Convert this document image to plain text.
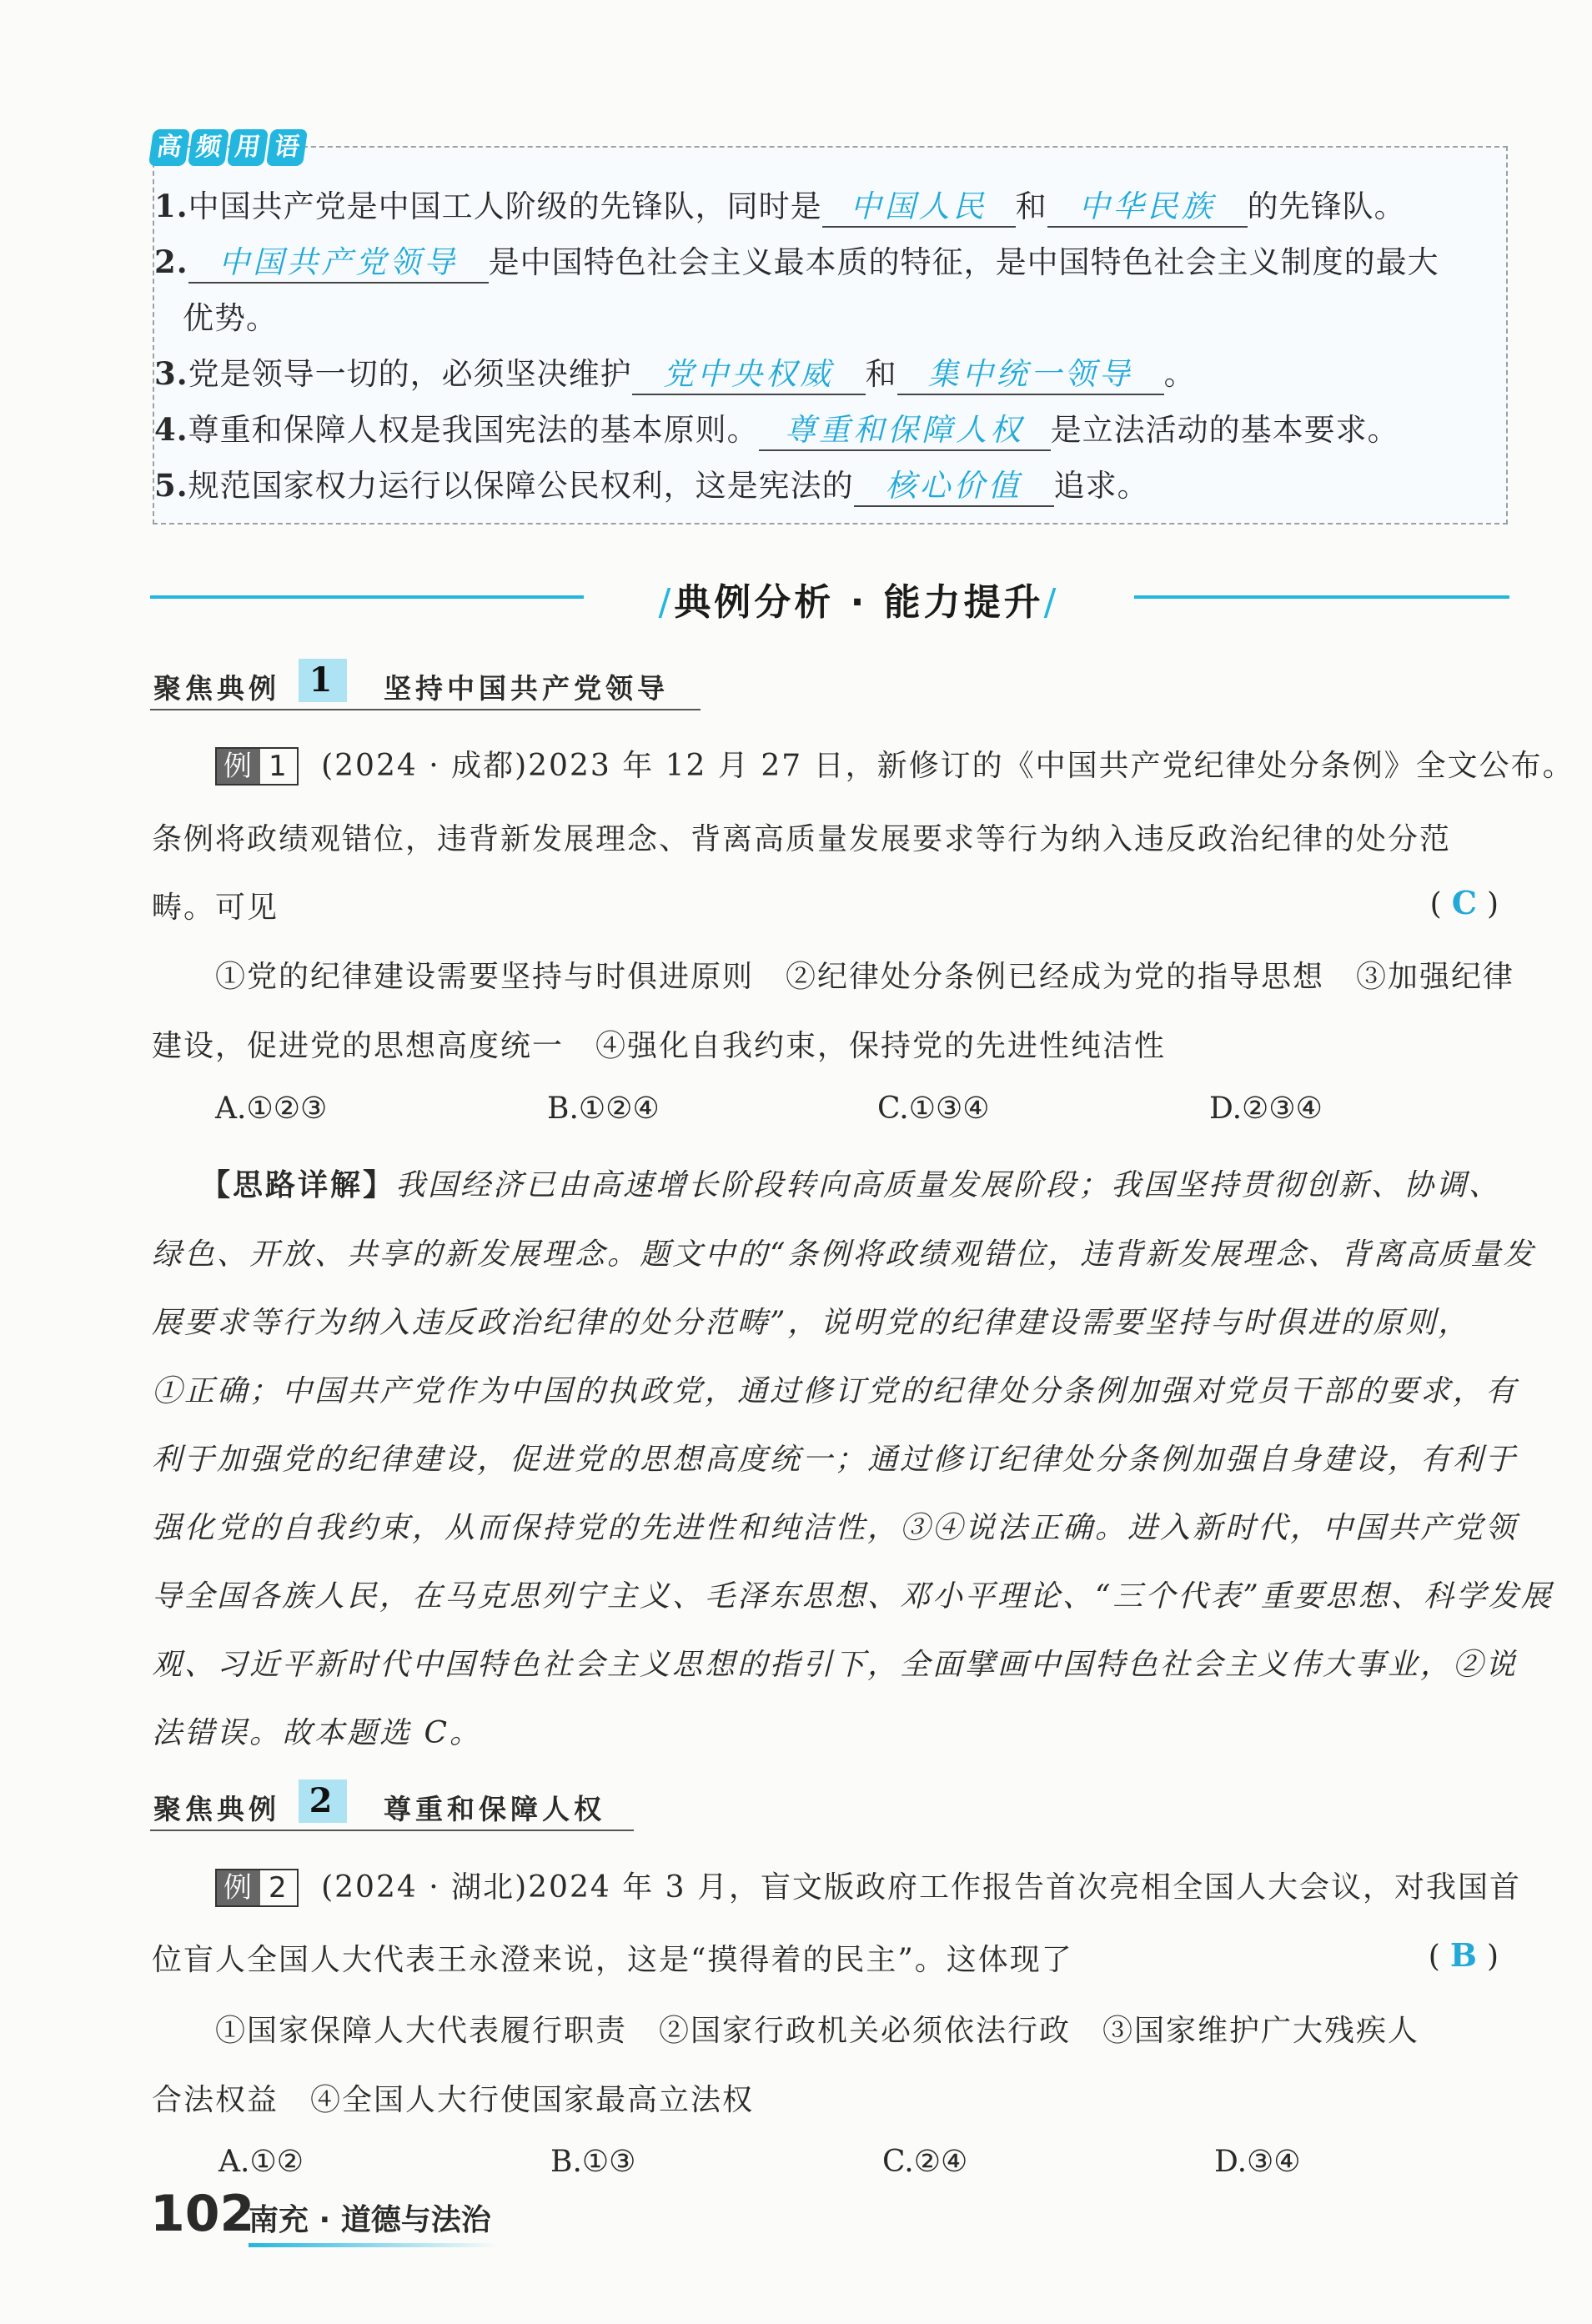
高 频 用 语
1.中国共产党是中国工人阶级的先锋队，同时是 中国人民 和 中华民族 的先锋队。
2. 中国共产党领导 是中国特色社会主义最本质的特征，是中国特色社会主义制度的最大
优势。
3.党是领导一切的，必须坚决维护 党中央权威 和 集中统一领导 。
4.尊重和保障人权是我国宪法的基本原则。 尊重和保障人权 是立法活动的基本要求。
5.规范国家权力运行以保障公民权利，这是宪法的 核心价值 追求。
/典例分析 · 能力提升/
聚焦典例 1	坚持中国共产党领导
例 1 (2024 · 成都)2023 年 12 月 27 日，新修订的《中国共产党纪律处分条例》全文公布。
条例将政绩观错位，违背新发展理念、背离高质量发展要求等行为纳入违反政治纪律的处分范
畴。可见	(C)
①党的纪律建设需要坚持与时俱进原则　②纪律处分条例已经成为党的指导思想　③加强纪律
建设，促进党的思想高度统一　④强化自我约束，保持党的先进性纯洁性
A.①②③	B.①②④	C.①③④	D.②③④
【思路详解】我国经济已由高速增长阶段转向高质量发展阶段；我国坚持贯彻创新、协调、
绿色、开放、共享的新发展理念。题文中的“条例将政绩观错位，违背新发展理念、背离高质量发
展要求等行为纳入违反政治纪律的处分范畴”，说明党的纪律建设需要坚持与时俱进的原则，
①正确；中国共产党作为中国的执政党，通过修订党的纪律处分条例加强对党员干部的要求，有
利于加强党的纪律建设，促进党的思想高度统一；通过修订纪律处分条例加强自身建设，有利于
强化党的自我约束，从而保持党的先进性和纯洁性，③④说法正确。进入新时代，中国共产党领
导全国各族人民，在马克思列宁主义、毛泽东思想、邓小平理论、“三个代表”重要思想、科学发展
观、习近平新时代中国特色社会主义思想的指引下，全面擘画中国特色社会主义伟大事业，②说
法错误。故本题选 C。
聚焦典例 2	尊重和保障人权
例 2 (2024 · 湖北)2024 年 3 月，盲文版政府工作报告首次亮相全国人大会议，对我国首
位盲人全国人大代表王永澄来说，这是“摸得着的民主”。这体现了	(B)
①国家保障人大代表履行职责　②国家行政机关必须依法行政　③国家维护广大残疾人
合法权益　④全国人大行使国家最高立法权
A.①②	B.①③	C.②④	D.③④
102
南充 · 道德与法治
